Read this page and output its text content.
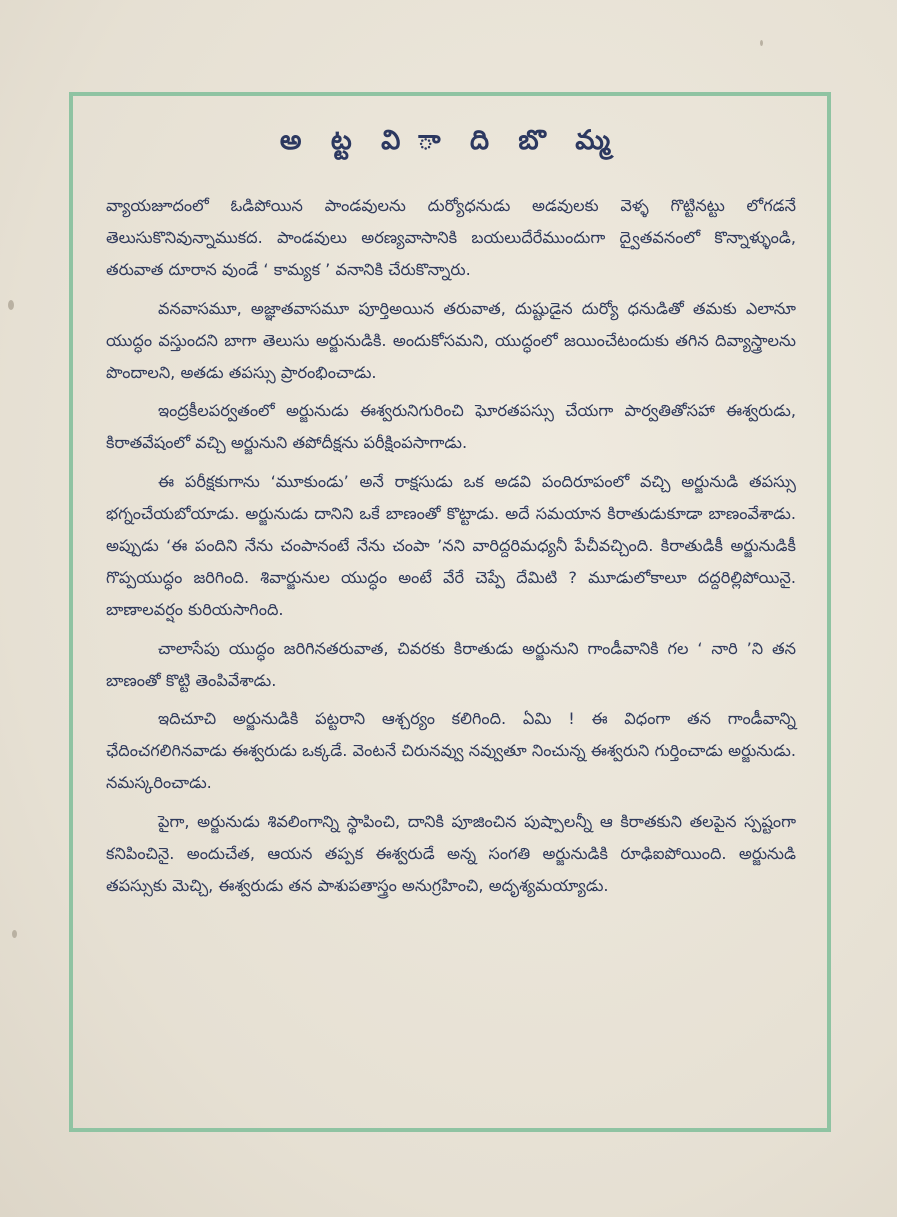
అ ట్ట వి ా ది బొ మ్మ

వ్యాయజూదంలో ఓడిపోయిన పాండవులను దుర్యోధనుడు అడవులకు వెళ్ళ గొట్టినట్టు లోగడనే తెలుసుకొనివున్నాముకద. పాండవులు అరణ్యవాసానికి బయలుదేరేముందుగా ద్వైతవనంలో కొన్నాళ్ళుండి, తరువాత దూరాన వుండే ‘ కామ్యక ’ వనానికి చేరుకొన్నారు.

వనవాసమూ, అజ్ఞాతవాసమూ పూర్తిఅయిన తరువాత, దుష్టుడైన దుర్యో ధనుడితో తమకు ఎలానూ యుద్ధం వస్తుందని బాగా తెలుసు అర్జునుడికి. అందుకోసమని, యుద్ధంలో జయించేటందుకు తగిన దివ్యాస్త్రాలను పొందాలని, అతడు తపస్సు ప్రారంభించాడు.

ఇంద్రకీలపర్వతంలో అర్జునుడు ఈశ్వరునిగురించి ఘోరతపస్సు చేయగా పార్వతితోసహా ఈశ్వరుడు, కిరాతవేషంలో వచ్చి అర్జునుని తపోదీక్షను పరీక్షింపసాగాడు.

ఈ పరీక్షకుగాను ‘మూకుండు’ అనే రాక్షసుడు ఒక అడవి పందిరూపంలో వచ్చి అర్జునుడి తపస్సు భగ్నంచేయబోయాడు. అర్జునుడు దానిని ఒకే బాణంతో కొట్టాడు. అదే సమయాన కిరాతుడుకూడా బాణంవేశాడు. అప్పుడు ‘ఈ పందిని నేను చంపానంటే నేను చంపా ’నని వారిద్దరిమధ్యనీ పేచీవచ్చింది. కిరాతుడికీ అర్జునుడికీ గొప్పయుద్ధం జరిగింది. శివార్జునుల యుద్ధం అంటే వేరే చెప్పే దేమిటి ? మూడులోకాలూ దద్దరిల్లిపోయినై. బాణాలవర్షం కురియసాగింది.

చాలాసేపు యుద్ధం జరిగినతరువాత, చివరకు కిరాతుడు అర్జునుని గాండీవానికి గల ‘ నారి ’ని తన బాణంతో కొట్టి తెంపివేశాడు.

ఇదిచూచి అర్జునుడికి పట్టరాని ఆశ్చర్యం కలిగింది. ఏమి ! ఈ విధంగా తన గాండీవాన్ని ఛేదించగలిగినవాడు ఈశ్వరుడు ఒక్కడే. వెంటనే చిరునవ్వు నవ్వుతూ నించున్న ఈశ్వరుని గుర్తించాడు అర్జునుడు. నమస్కరించాడు.

పైగా, అర్జునుడు శివలింగాన్ని స్థాపించి, దానికి పూజించిన పుష్పాలన్నీ ఆ కిరాతకుని తలపైన స్పష్టంగా కనిపించినై. అందుచేత, ఆయన తప్పక ఈశ్వరుడే అన్న సంగతి అర్జునుడికి రూఢిఐపోయింది. అర్జునుడి తపస్సుకు మెచ్చి, ఈశ్వరుడు తన పాశుపతాస్త్రం అనుగ్రహించి, అదృశ్యమయ్యాడు.
